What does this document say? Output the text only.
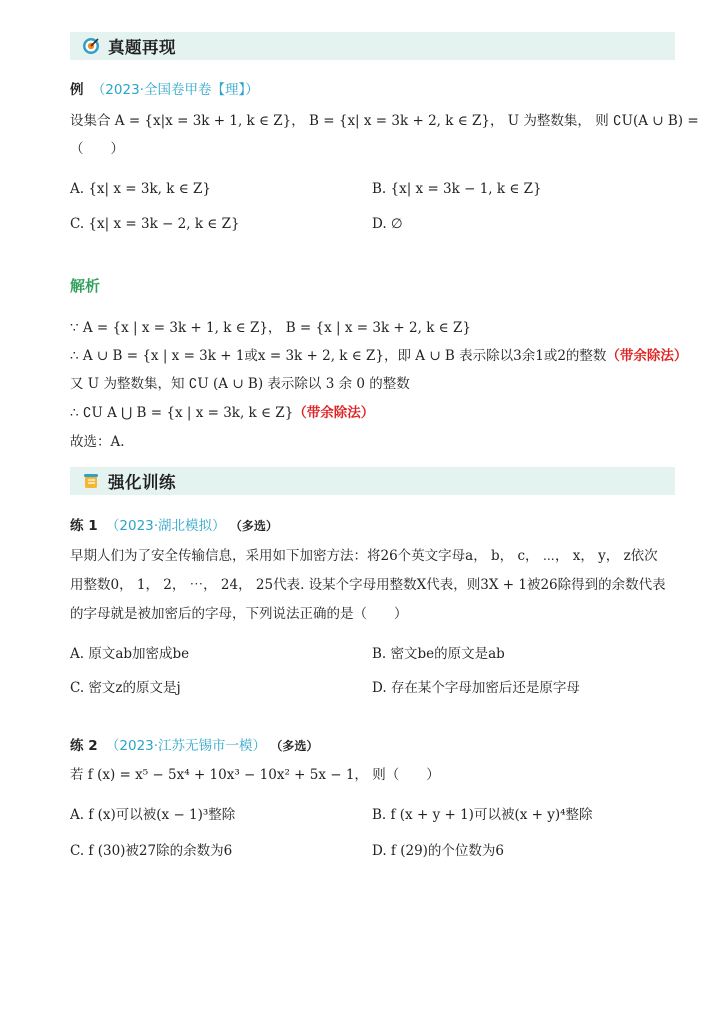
真题再现
例 （2023·全国卷甲卷【理】）
设集合 A = {x|x = 3k + 1, k ∈ Z}， B = {x| x = 3k + 2, k ∈ Z}， U 为整数集， 则 ∁U(A ∪ B) =
（　　）
A. {x| x = 3k, k ∈ Z}	B. {x| x = 3k − 1, k ∈ Z}
C. {x| x = 3k − 2, k ∈ Z}	D. ∅
解析
∵ A = {x | x = 3k + 1, k ∈ Z}， B = {x | x = 3k + 2, k ∈ Z}
∴ A ∪ B = {x | x = 3k + 1或x = 3k + 2, k ∈ Z}，即 A ∪ B 表示除以3余1或2的整数（带余除法）
又 U 为整数集，知 ∁U (A ∪ B) 表示除以 3 余 0 的整数
∴ ∁U A ⋃ B = {x | x = 3k, k ∈ Z}（带余除法）
故选：A.
强化训练
练 1 （2023·湖北模拟） （多选）
早期人们为了安全传输信息，采用如下加密方法：将26个英文字母a， b， c， ⋯， x， y， z依次
用整数0， 1， 2， ⋯， 24， 25代表. 设某个字母用整数X代表，则3X + 1被26除得到的余数代表
的字母就是被加密后的字母，下列说法正确的是（　　）
A. 原文ab加密成be	B. 密文be的原文是ab
C. 密文z的原文是j	D. 存在某个字母加密后还是原字母
练 2 （2023·江苏无锡市一模） （多选）
若 f (x) = x⁵ − 5x⁴ + 10x³ − 10x² + 5x − 1， 则（　　）
A. f (x)可以被(x − 1)³整除	B. f (x + y + 1)可以被(x + y)⁴整除
C. f (30)被27除的余数为6	D. f (29)的个位数为6
